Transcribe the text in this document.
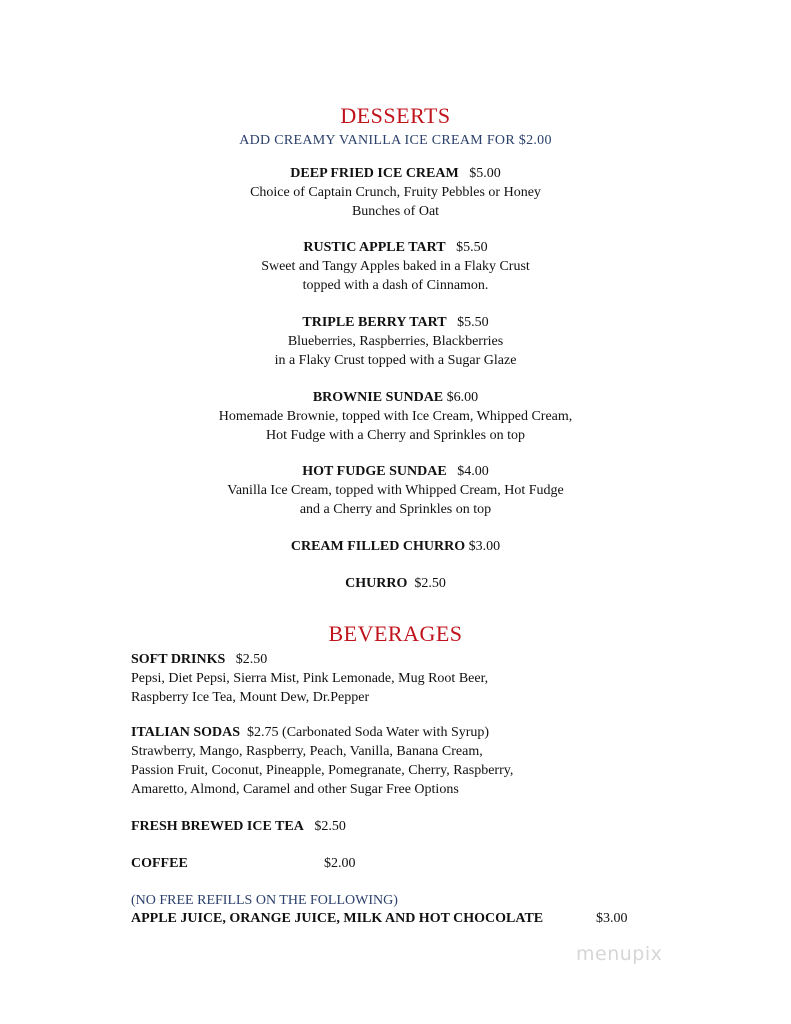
DESSERTS
ADD CREAMY VANILLA ICE CREAM FOR $2.00
DEEP FRIED ICE CREAM $5.00
Choice of Captain Crunch, Fruity Pebbles or Honey
Bunches of Oat
RUSTIC APPLE TART $5.50
Sweet and Tangy Apples baked in a Flaky Crust
topped with a dash of Cinnamon.
TRIPLE BERRY TART $5.50
Blueberries, Raspberries, Blackberries
in a Flaky Crust topped with a Sugar Glaze
BROWNIE SUNDAE $6.00
Homemade Brownie, topped with Ice Cream, Whipped Cream,
Hot Fudge with a Cherry and Sprinkles on top
HOT FUDGE SUNDAE $4.00
Vanilla Ice Cream, topped with Whipped Cream, Hot Fudge
and a Cherry and Sprinkles on top
CREAM FILLED CHURRO $3.00
CHURRO $2.50
BEVERAGES
SOFT DRINKS $2.50
Pepsi, Diet Pepsi, Sierra Mist, Pink Lemonade, Mug Root Beer,
Raspberry Ice Tea, Mount Dew, Dr.Pepper
ITALIAN SODAS $2.75 (Carbonated Soda Water with Syrup)
Strawberry, Mango, Raspberry, Peach, Vanilla, Banana Cream,
Passion Fruit, Coconut, Pineapple, Pomegranate, Cherry, Raspberry,
Amaretto, Almond, Caramel and other Sugar Free Options
FRESH BREWED ICE TEA $2.50
COFFEE	$2.00
(NO FREE REFILLS ON THE FOLLOWING)
APPLE JUICE, ORANGE JUICE, MILK AND HOT CHOCOLATE	$3.00
menupix
